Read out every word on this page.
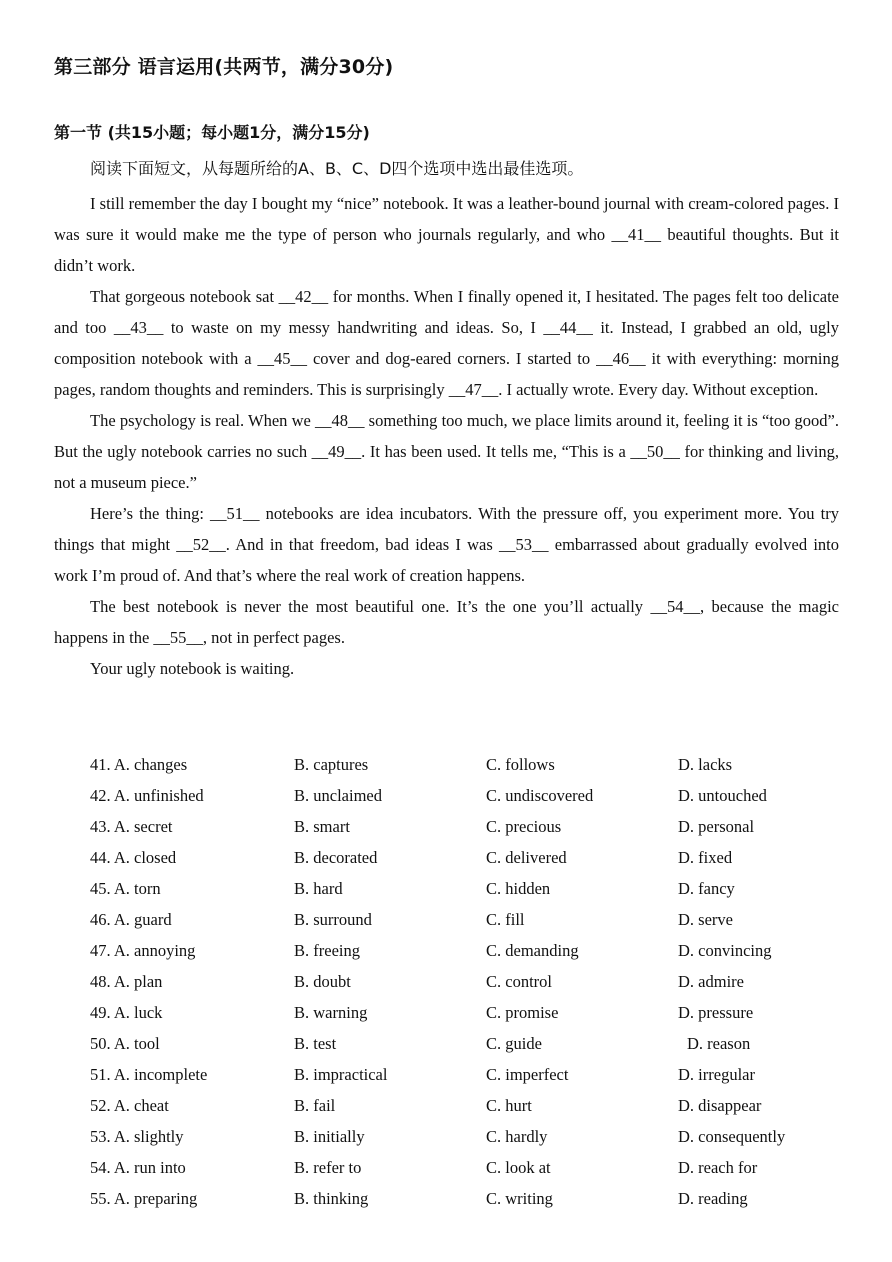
第三部分 语言运用(共两节，满分30分)
第一节 (共15小题；每小题1分，满分15分)
阅读下面短文，从每题所给的A、B、C、D四个选项中选出最佳选项。

I still remember the day I bought my “nice” notebook. It was a leather-bound journal with cream-colored pages. I was sure it would make me the type of person who journals regularly, and who __41__ beautiful thoughts. But it didn’t work.

That gorgeous notebook sat __42__ for months. When I finally opened it, I hesitated. The pages felt too delicate and too __43__ to waste on my messy handwriting and ideas. So, I __44__ it. Instead, I grabbed an old, ugly composition notebook with a __45__ cover and dog-eared corners. I started to __46__ it with everything: morning pages, random thoughts and reminders. This is surprisingly __47__. I actually wrote. Every day. Without exception.

The psychology is real. When we __48__ something too much, we place limits around it, feeling it is “too good”. But the ugly notebook carries no such __49__. It has been used. It tells me, “This is a __50__ for thinking and living, not a museum piece.”

Here’s the thing: __51__ notebooks are idea incubators. With the pressure off, you experiment more. You try things that might __52__. And in that freedom, bad ideas I was __53__ embarrassed about gradually evolved into work I’m proud of. And that’s where the real work of creation happens.

The best notebook is never the most beautiful one. It’s the one you’ll actually __54__, because the magic happens in the __55__, not in perfect pages.

Your ugly notebook is waiting.

41. A. changes	B. captures	C. follows	D. lacks
42. A. unfinished	B. unclaimed	C. undiscovered	D. untouched
43. A. secret	B. smart	C. precious	D. personal
44. A. closed	B. decorated	C. delivered	D. fixed
45. A. torn	B. hard	C. hidden	D. fancy
46. A. guard	B. surround	C. fill	D. serve
47. A. annoying	B. freeing	C. demanding	D. convincing
48. A. plan	B. doubt	C. control	D. admire
49. A. luck	B. warning	C. promise	D. pressure
50. A. tool	B. test	C. guide	D. reason
51. A. incomplete	B. impractical	C. imperfect	D. irregular
52. A. cheat	B. fail	C. hurt	D. disappear
53. A. slightly	B. initially	C. hardly	D. consequently
54. A. run into	B. refer to	C. look at	D. reach for
55. A. preparing	B. thinking	C. writing	D. reading
